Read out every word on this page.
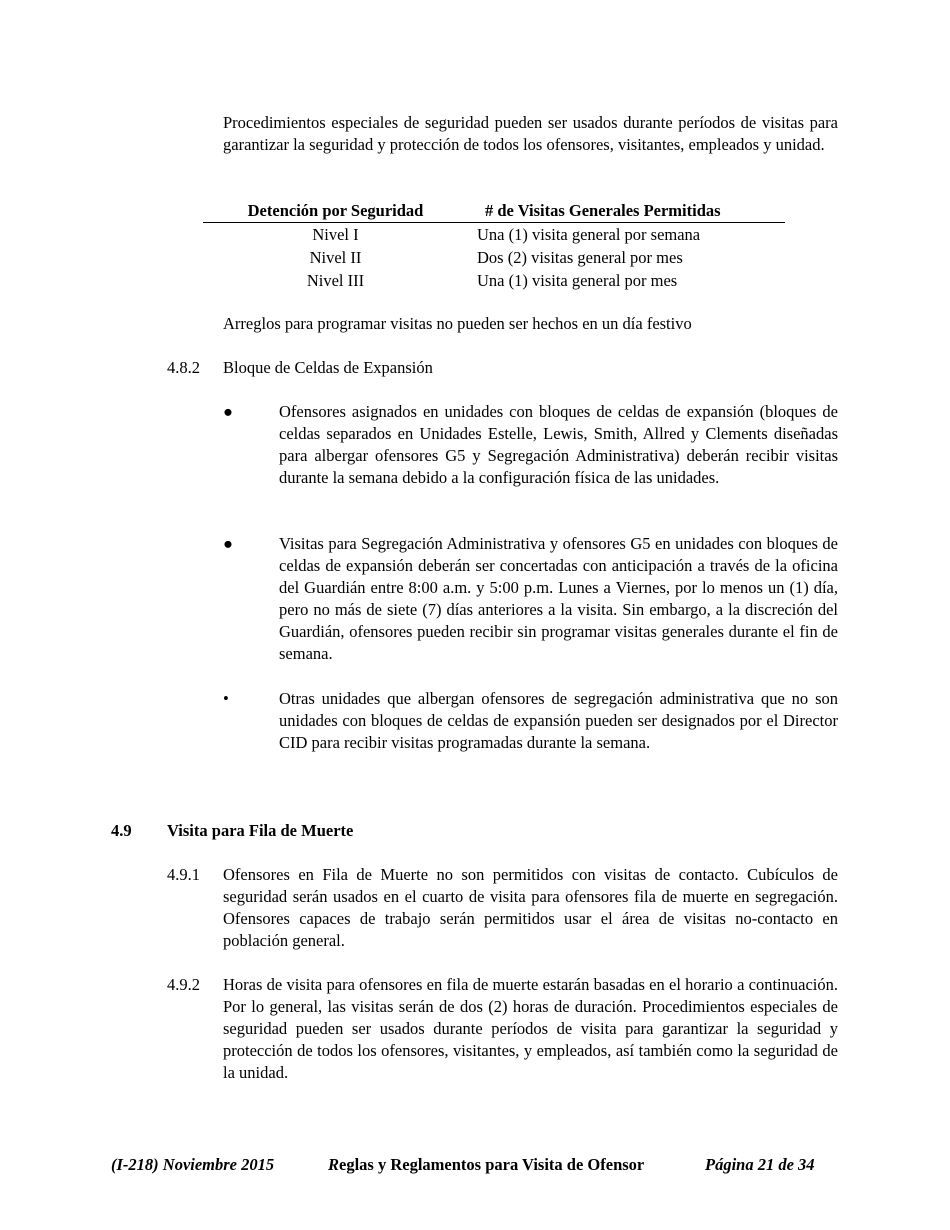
Procedimientos especiales de seguridad pueden ser usados durante períodos de visitas para garantizar la seguridad y protección de todos los ofensores, visitantes, empleados y unidad.
Detención por Seguridad	# de Visitas Generales Permitidas
Nivel I	Una (1) visita general por semana
Nivel II	Dos (2) visitas general por mes
Nivel III	Una (1) visita general por mes
Arreglos para programar visitas no pueden ser hechos en un día festivo
4.8.2	Bloque de Celdas de Expansión
●	Ofensores asignados en unidades con bloques de celdas de expansión (bloques de celdas separados en Unidades Estelle, Lewis, Smith, Allred y Clements diseñadas para albergar ofensores G5 y Segregación Administrativa) deberán recibir visitas durante la semana debido a la configuración física de las unidades.
●	Visitas para Segregación Administrativa y ofensores G5 en unidades con bloques de celdas de expansión deberán ser concertadas con anticipación a través de la oficina del Guardián entre 8:00 a.m. y 5:00 p.m. Lunes a Viernes, por lo menos un (1) día, pero no más de siete (7) días anteriores a la visita. Sin embargo, a la discreción del Guardián, ofensores pueden recibir sin programar visitas generales durante el fin de semana.
•	Otras unidades que albergan ofensores de segregación administrativa que no son unidades con bloques de celdas de expansión pueden ser designados por el Director CID para recibir visitas programadas durante la semana.
4.9 Visita para Fila de Muerte
4.9.1	Ofensores en Fila de Muerte no son permitidos con visitas de contacto. Cubículos de seguridad serán usados en el cuarto de visita para ofensores fila de muerte en segregación. Ofensores capaces de trabajo serán permitidos usar el área de visitas no-contacto en población general.
4.9.2	Horas de visita para ofensores en fila de muerte estarán basadas en el horario a continuación. Por lo general, las visitas serán de dos (2) horas de duración. Procedimientos especiales de seguridad pueden ser usados durante períodos de visita para garantizar la seguridad y protección de todos los ofensores, visitantes, y empleados, así también como la seguridad de la unidad.
(I-218) Noviembre 2015	Reglas y Reglamentos para Visita de Ofensor	Página 21 de 34
